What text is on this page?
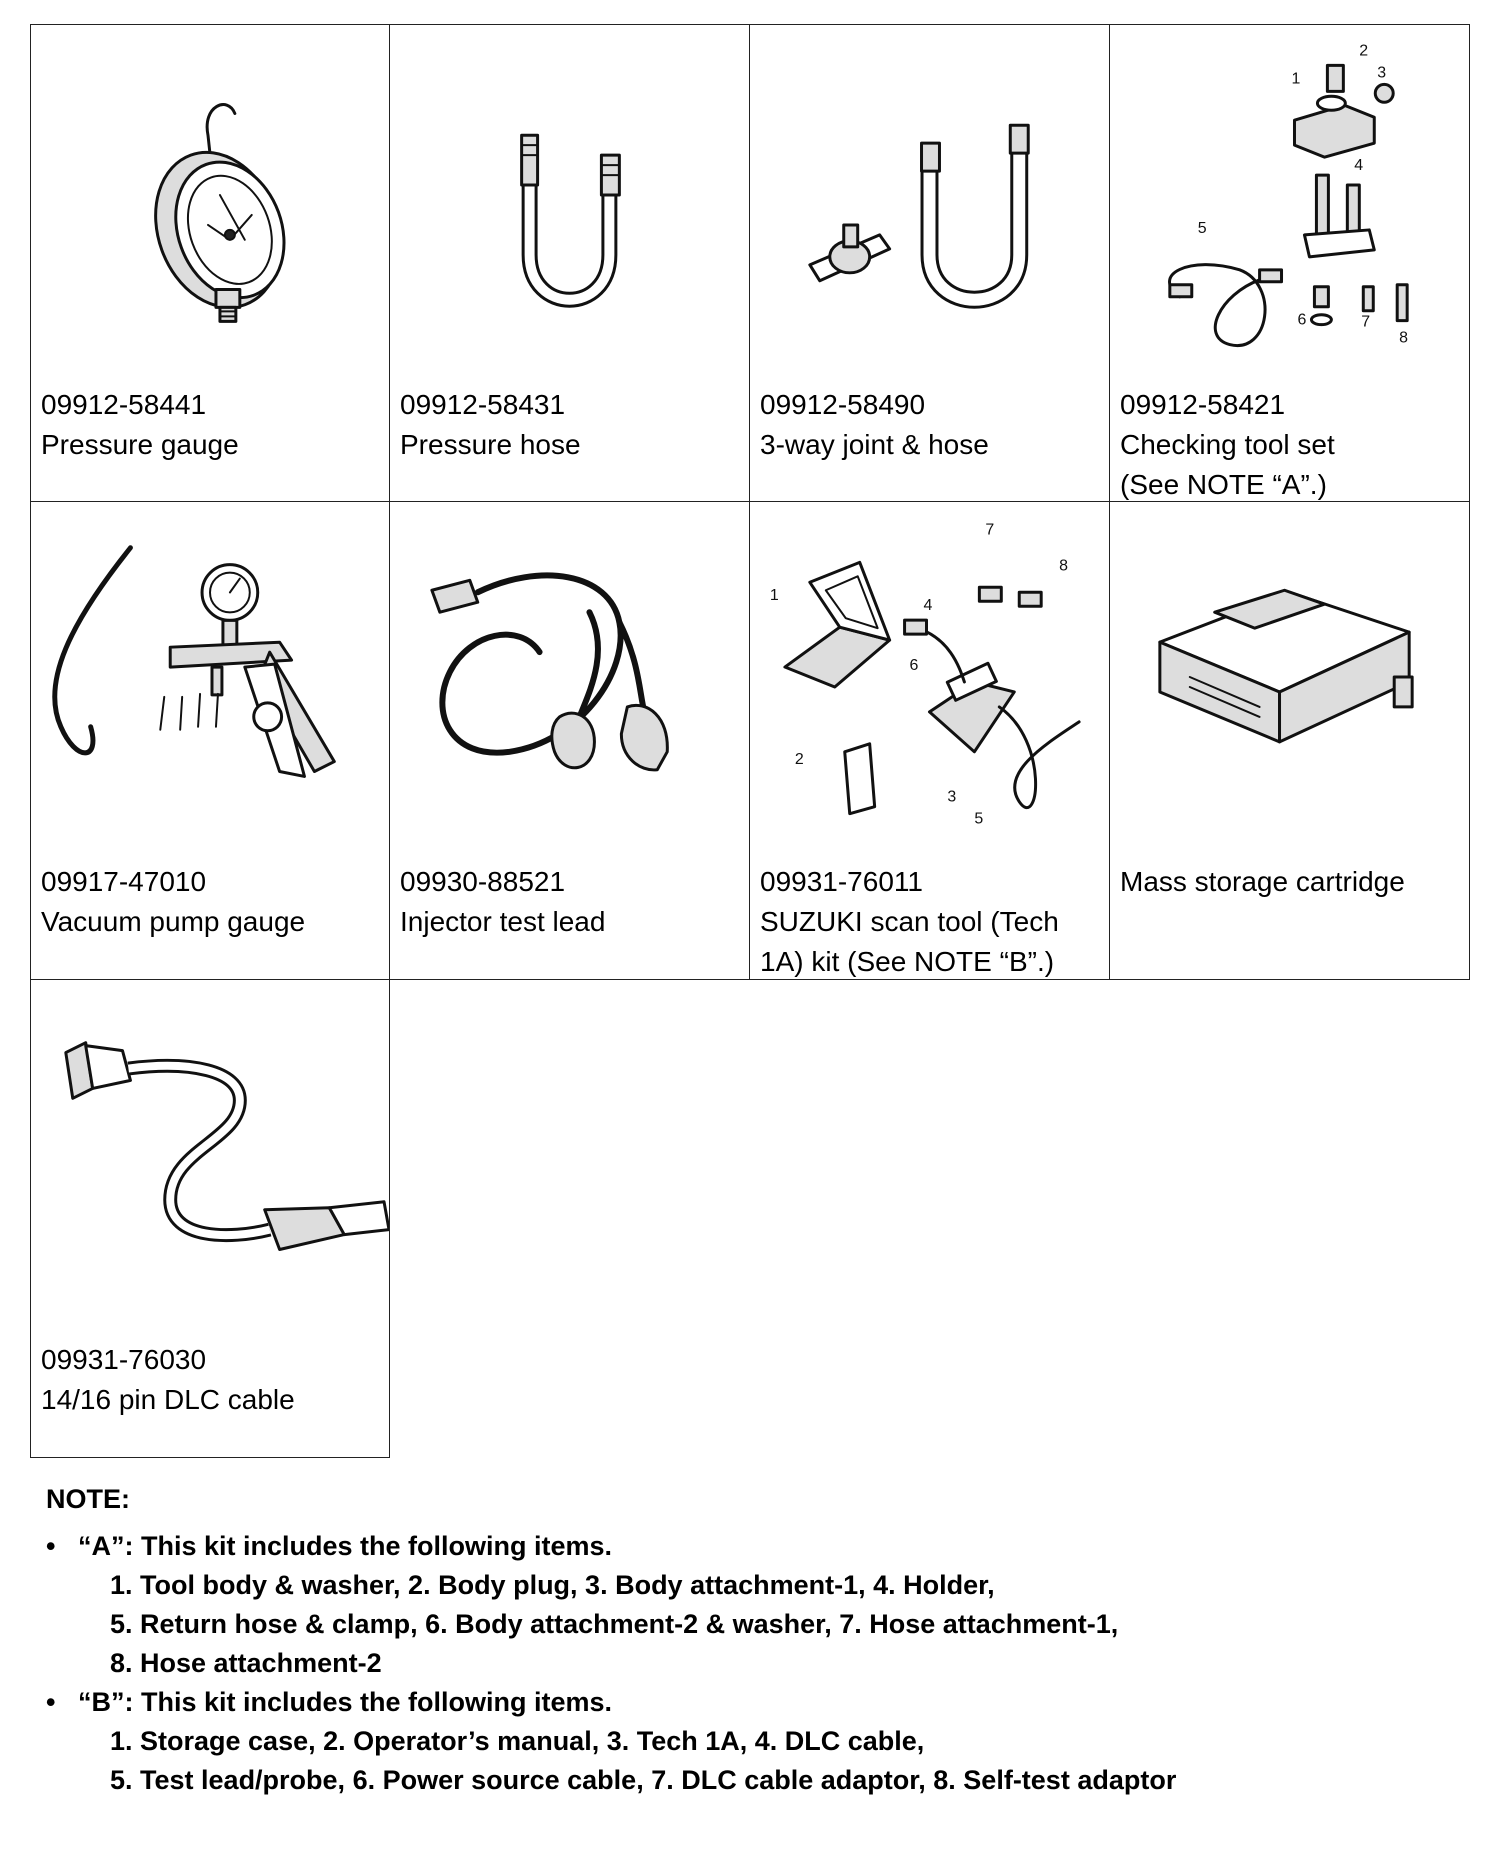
09912-58441
Pressure gauge
09912-58431
Pressure hose
09912-58490
3-way joint & hose
1
2
3
4
5
6	7
8
09912-58421
Checking tool set
(See NOTE “A”.)
09917-47010
Vacuum pump gauge
09930-88521
Injector test lead
1
2
3
4
5
6
7
8
09931-76011
SUZUKI scan tool (Tech
1A) kit (See NOTE “B”.)
Mass storage cartridge
09931-76030
14/16 pin DLC cable
NOTE:
• “A”: This kit includes the following items.
1. Tool body & washer, 2. Body plug, 3. Body attachment-1, 4. Holder,
5. Return hose & clamp, 6. Body attachment-2 & washer, 7. Hose attachment-1,
8. Hose attachment-2
• “B”: This kit includes the following items.
1. Storage case, 2. Operator’s manual, 3. Tech 1A, 4. DLC cable,
5. Test lead/probe, 6. Power source cable, 7. DLC cable adaptor, 8. Self-test adaptor
